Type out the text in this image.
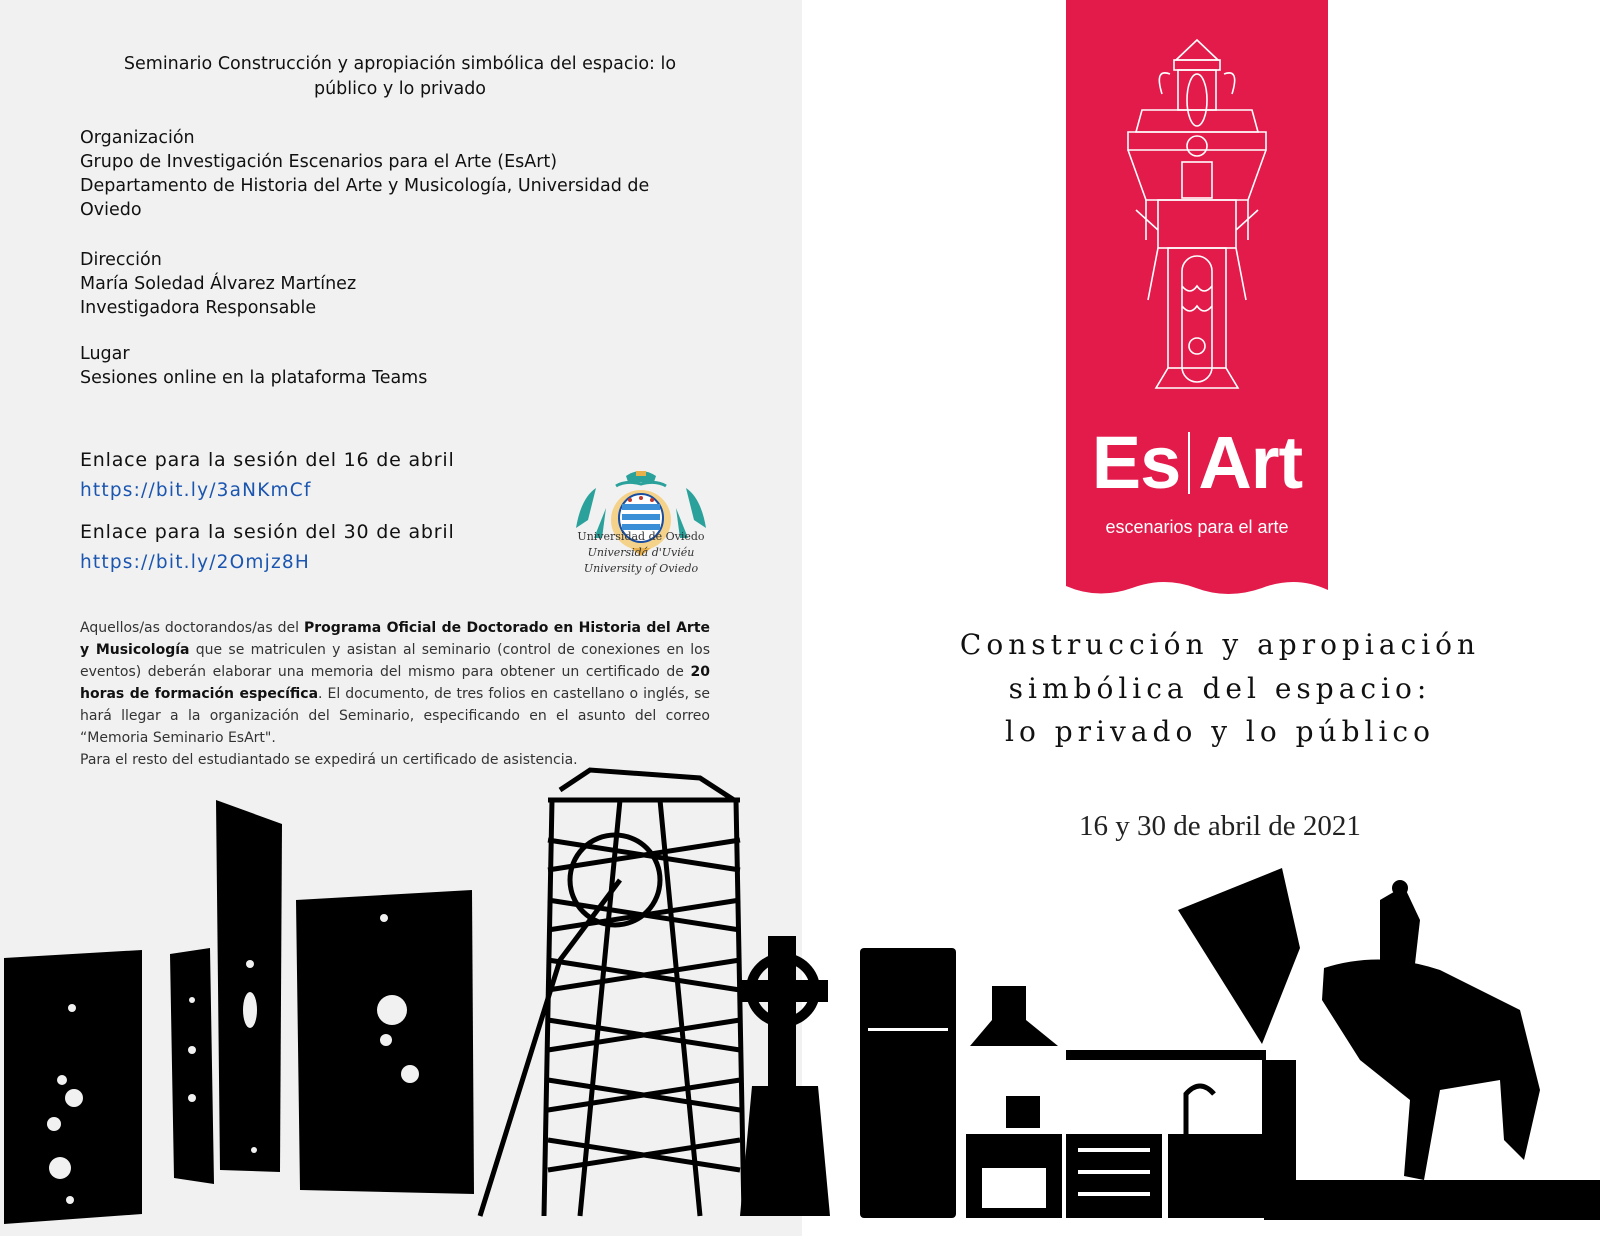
Seminario Construcción y apropiación simbólica del espacio: lo
público y lo privado
Organización
Grupo de Investigación Escenarios para el Arte (EsArt)
Departamento de Historia del Arte y Musicología, Universidad de
Oviedo
Dirección
María Soledad Álvarez Martínez
Investigadora Responsable
Lugar
Sesiones online en la plataforma Teams
Enlace para la sesión del 16 de abril
https://bit.ly/3aNKmCf
Enlace para la sesión del 30 de abril
https://bit.ly/2Omjz8H
Universidad de Oviedo
Universidá d'Uviéu
University of Oviedo
Aquellos/as doctorandos/as del Programa Oficial de Doctorado en Historia del Arte y Musicología que se matriculen y asistan al seminario (control de conexiones en los eventos) deberán elaborar una memoria del mismo para obtener un certificado de 20 horas de formación específica. El documento, de tres folios en castellano o inglés, se hará llegar a la organización del Seminario, especificando en el asunto del correo “Memoria Seminario EsArt".
Para el resto del estudiantado se expedirá un certificado de asistencia.
Es Art
escenarios para el arte
Construcción y apropiación
simbólica del espacio:
lo privado y lo público
16 y 30 de abril de 2021
